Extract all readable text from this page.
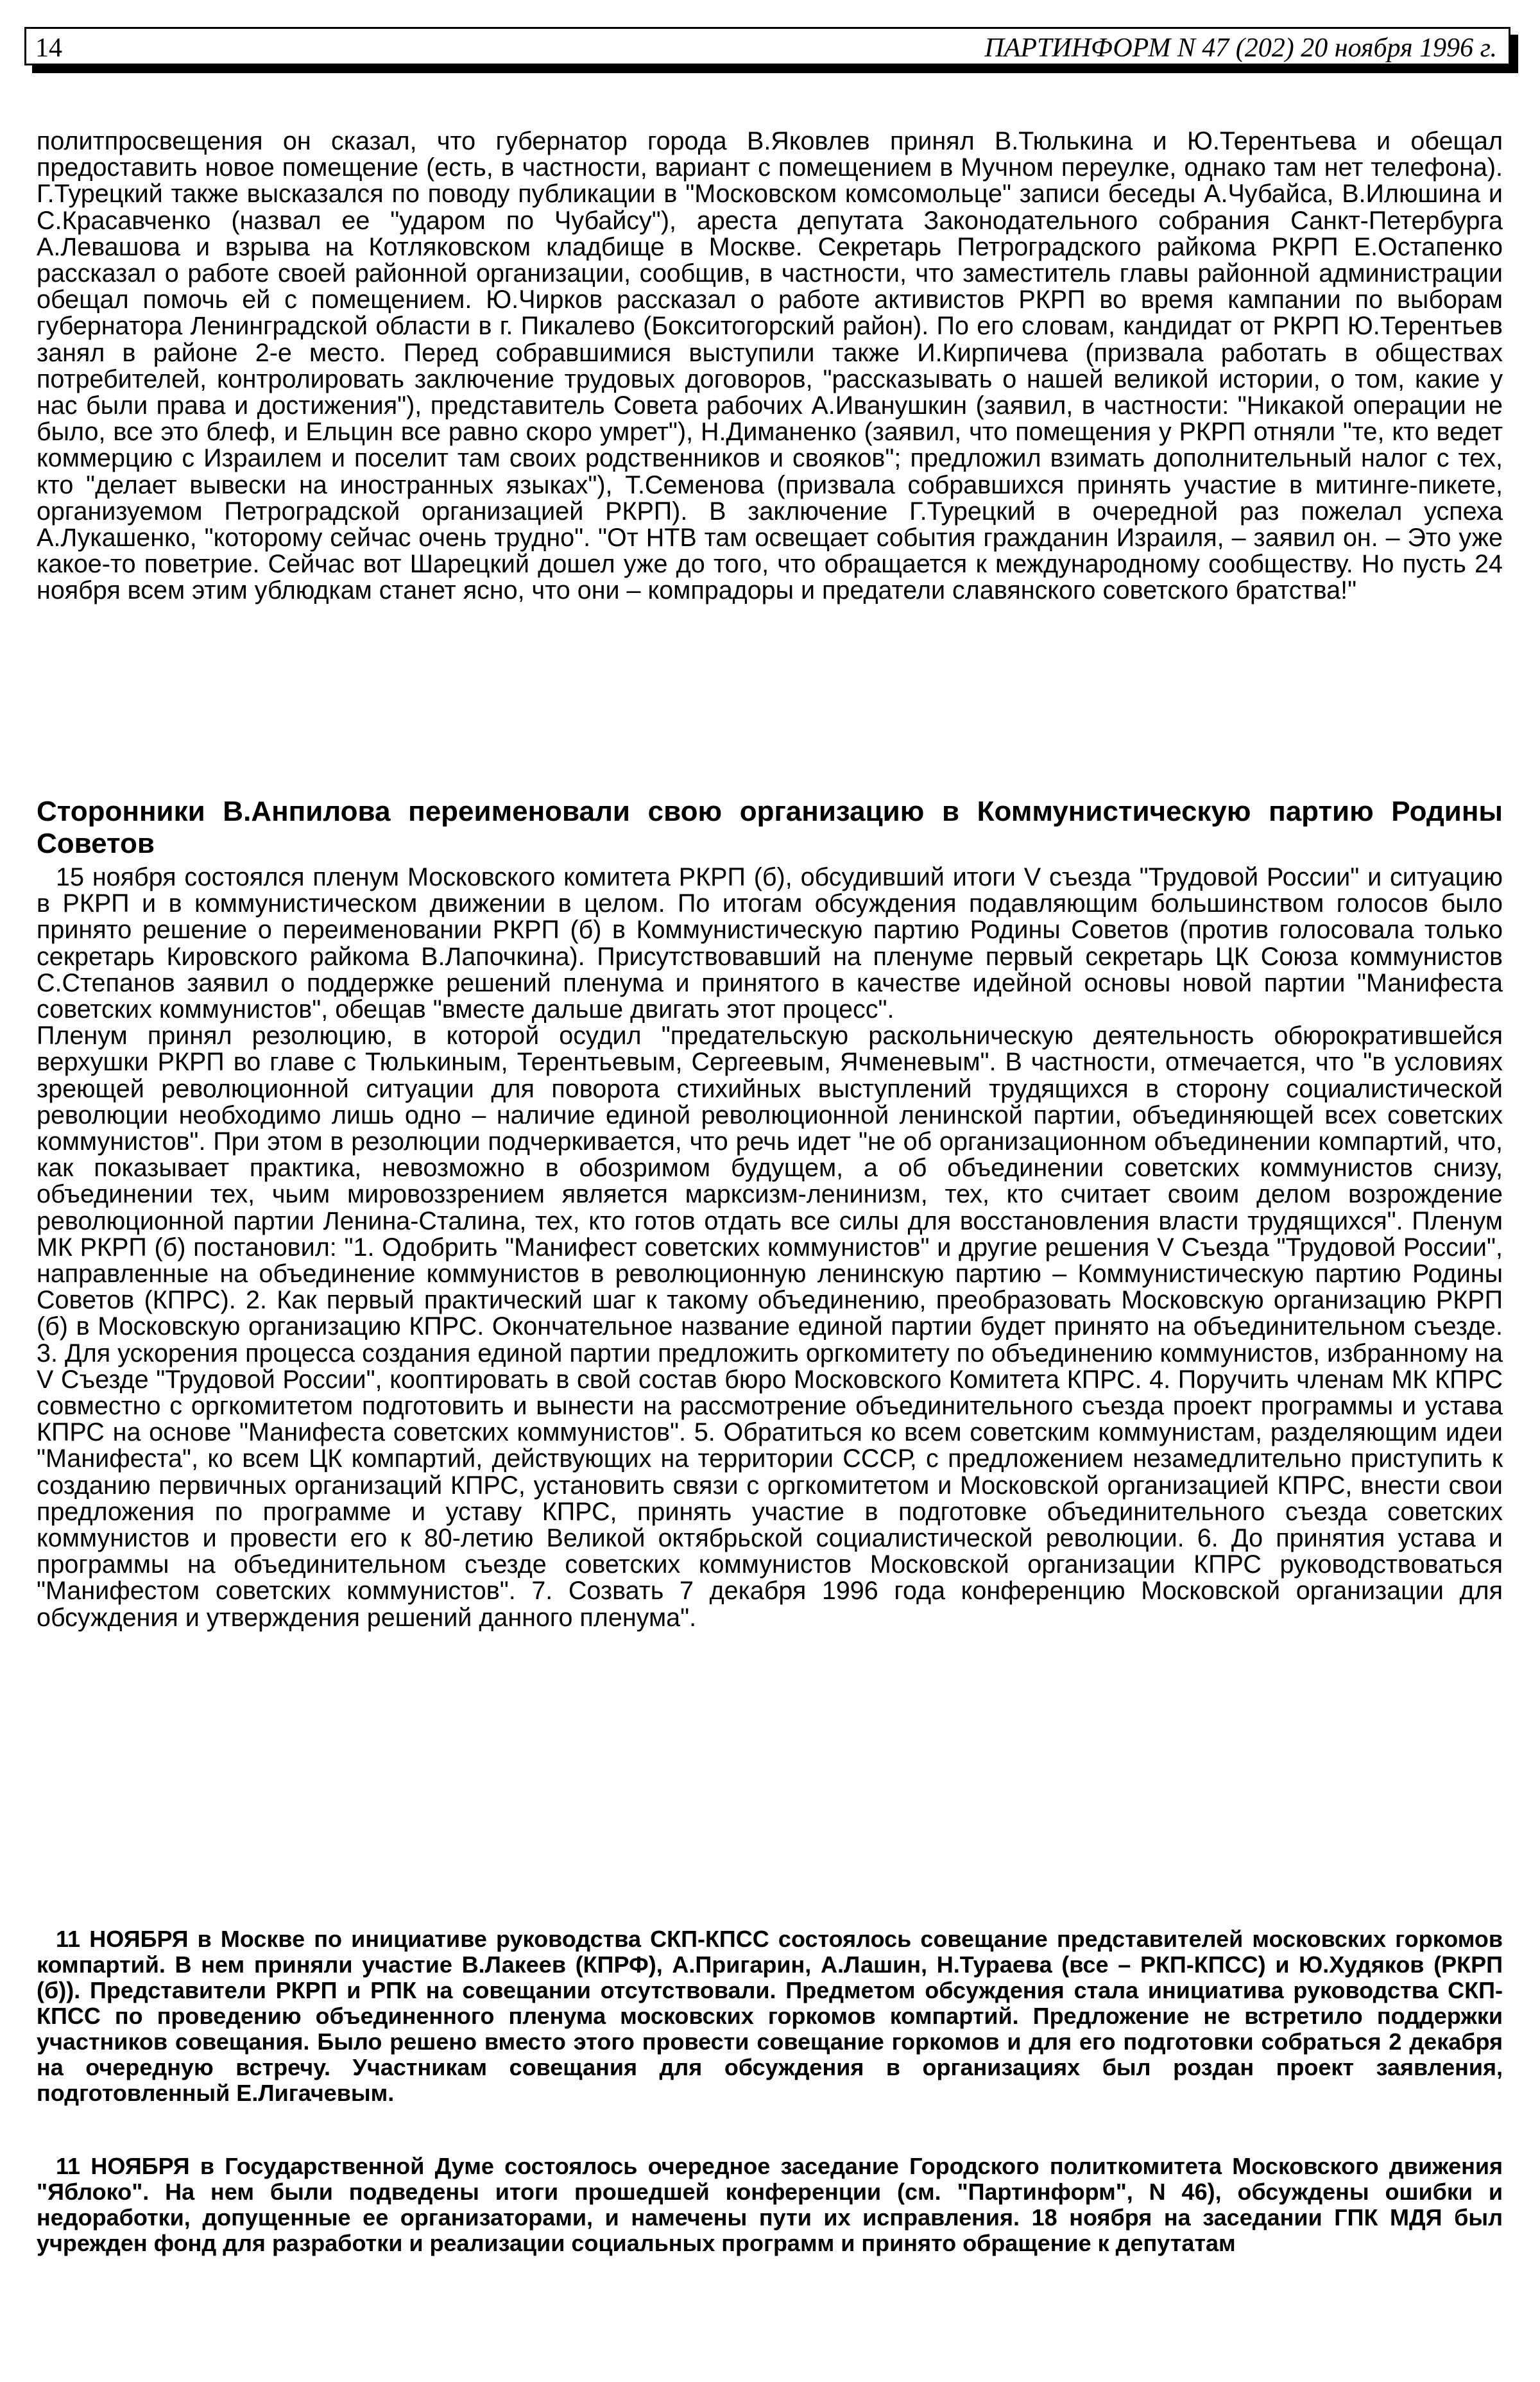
14	ПАРТИНФОРМ N 47 (202) 20 ноября 1996 г.

политпросвещения он сказал, что губернатор города В.Яковлев принял В.Тюлькина и Ю.Терентьева и обещал предоставить новое помещение (есть, в частности, вариант с помещением в Мучном переулке, однако там нет телефона). Г.Турецкий также высказался по поводу публикации в "Московском комсомольце" записи беседы А.Чубайса, В.Илюшина и С.Красавченко (назвал ее "ударом по Чубайсу"), ареста депутата Законодательного собрания Санкт-Петербурга А.Левашова и взрыва на Котляковском кладбище в Москве. Секретарь Петроградского райкома РКРП Е.Остапенко рассказал о работе своей районной организации, сообщив, в частности, что заместитель главы районной администрации обещал помочь ей с помещением. Ю.Чирков рассказал о работе активистов РКРП во время кампании по выборам губернатора Ленинградской области в г. Пикалево (Бокситогорский район). По его словам, кандидат от РКРП Ю.Терентьев занял в районе 2-е место. Перед собравшимися выступили также И.Кирпичева (призвала работать в обществах потребителей, контролировать заключение трудовых договоров, "рассказывать о нашей великой истории, о том, какие у нас были права и достижения"), представитель Совета рабочих А.Иванушкин (заявил, в частности: "Никакой операции не было, все это блеф, и Ельцин все равно скоро умрет"), Н.Диманенко (заявил, что помещения у РКРП отняли "те, кто ведет коммерцию с Израилем и поселит там своих родственников и свояков"; предложил взимать дополнительный налог с тех, кто "делает вывески на иностранных языках"), Т.Семенова (призвала собравшихся принять участие в митинге-пикете, организуемом Петроградской организацией РКРП). В заключение Г.Турецкий в очередной раз пожелал успеха А.Лукашенко, "которому сейчас очень трудно". "От НТВ там освещает события гражданин Израиля, – заявил он. – Это уже какое-то поветрие. Сейчас вот Шарецкий дошел уже до того, что обращается к международному сообществу. Но пусть 24 ноября всем этим ублюдкам станет ясно, что они – компрадоры и предатели славянского советского братства!"

Сторонники В.Анпилова переименовали свою организацию в Коммунистическую партию Родины Советов

15 ноября состоялся пленум Московского комитета РКРП (б), обсудивший итоги V съезда "Трудовой России" и ситуацию в РКРП и в коммунистическом движении в целом. По итогам обсуждения подавляющим большинством голосов было принято решение о переименовании РКРП (б) в Коммунистическую партию Родины Советов (против голосовала только секретарь Кировского райкома В.Лапочкина). Присутствовавший на пленуме первый секретарь ЦК Союза коммунистов С.Степанов заявил о поддержке решений пленума и принятого в качестве идейной основы новой партии "Манифеста советских коммунистов", обещав "вместе дальше двигать этот процесс".

Пленум принял резолюцию, в которой осудил "предательскую раскольническую деятельность обюрократившейся верхушки РКРП во главе с Тюлькиным, Терентьевым, Сергеевым, Ячменевым". В частности, отмечается, что "в условиях зреющей революционной ситуации для поворота стихийных выступлений трудящихся в сторону социалистической революции необходимо лишь одно – наличие единой революционной ленинской партии, объединяющей всех советских коммунистов". При этом в резолюции подчеркивается, что речь идет "не об организационном объединении компартий, что, как показывает практика, невозможно в обозримом будущем, а об объединении советских коммунистов снизу, объединении тех, чьим мировоззрением является марксизм-ленинизм, тех, кто считает своим делом возрождение революционной партии Ленина-Сталина, тех, кто готов отдать все силы для восстановления власти трудящихся". Пленум МК РКРП (б) постановил: "1. Одобрить "Манифест советских коммунистов" и другие решения V Съезда "Трудовой России", направленные на объединение коммунистов в революционную ленинскую партию – Коммунистическую партию Родины Советов (КПРС). 2. Как первый практический шаг к такому объединению, преобразовать Московскую организацию РКРП (б) в Московскую организацию КПРС. Окончательное название единой партии будет принято на объединительном съезде. 3. Для ускорения процесса создания единой партии предложить оргкомитету по объединению коммунистов, избранному на V Съезде "Трудовой России", кооптировать в свой состав бюро Московского Комитета КПРС. 4. Поручить членам МК КПРС совместно с оргкомитетом подготовить и вынести на рассмотрение объединительного съезда проект программы и устава КПРС на основе "Манифеста советских коммунистов". 5. Обратиться ко всем советским коммунистам, разделяющим идеи "Манифеста", ко всем ЦК компартий, действующих на территории СССР, с предложением незамедлительно приступить к созданию первичных организаций КПРС, установить связи с оргкомитетом и Московской организацией КПРС, внести свои предложения по программе и уставу КПРС, принять участие в подготовке объединительного съезда советских коммунистов и провести его к 80-летию Великой октябрьской социалистической революции. 6. До принятия устава и программы на объединительном съезде советских коммунистов Московской организации КПРС руководствоваться "Манифестом советских коммунистов". 7. Созвать 7 декабря 1996 года конференцию Московской организации для обсуждения и утверждения решений данного пленума".

11 НОЯБРЯ в Москве по инициативе руководства СКП-КПСС состоялось совещание представителей московских горкомов компартий. В нем приняли участие В.Лакеев (КПРФ), А.Пригарин, А.Лашин, Н.Тураева (все – РКП-КПСС) и Ю.Худяков (РКРП (б)). Представители РКРП и РПК на совещании отсутствовали. Предметом обсуждения стала инициатива руководства СКП-КПСС по проведению объединенного пленума московских горкомов компартий. Предложение не встретило поддержки участников совещания. Было решено вместо этого провести совещание горкомов и для его подготовки собраться 2 декабря на очередную встречу. Участникам совещания для обсуждения в организациях был роздан проект заявления, подготовленный Е.Лигачевым.

11 НОЯБРЯ в Государственной Думе состоялось очередное заседание Городского политкомитета Московского движения "Яблоко". На нем были подведены итоги прошедшей конференции (см. "Партинформ", N 46), обсуждены ошибки и недоработки, допущенные ее организаторами, и намечены пути их исправления. 18 ноября на заседании ГПК МДЯ был учрежден фонд для разработки и реализации социальных программ и принято обращение к депутатам
